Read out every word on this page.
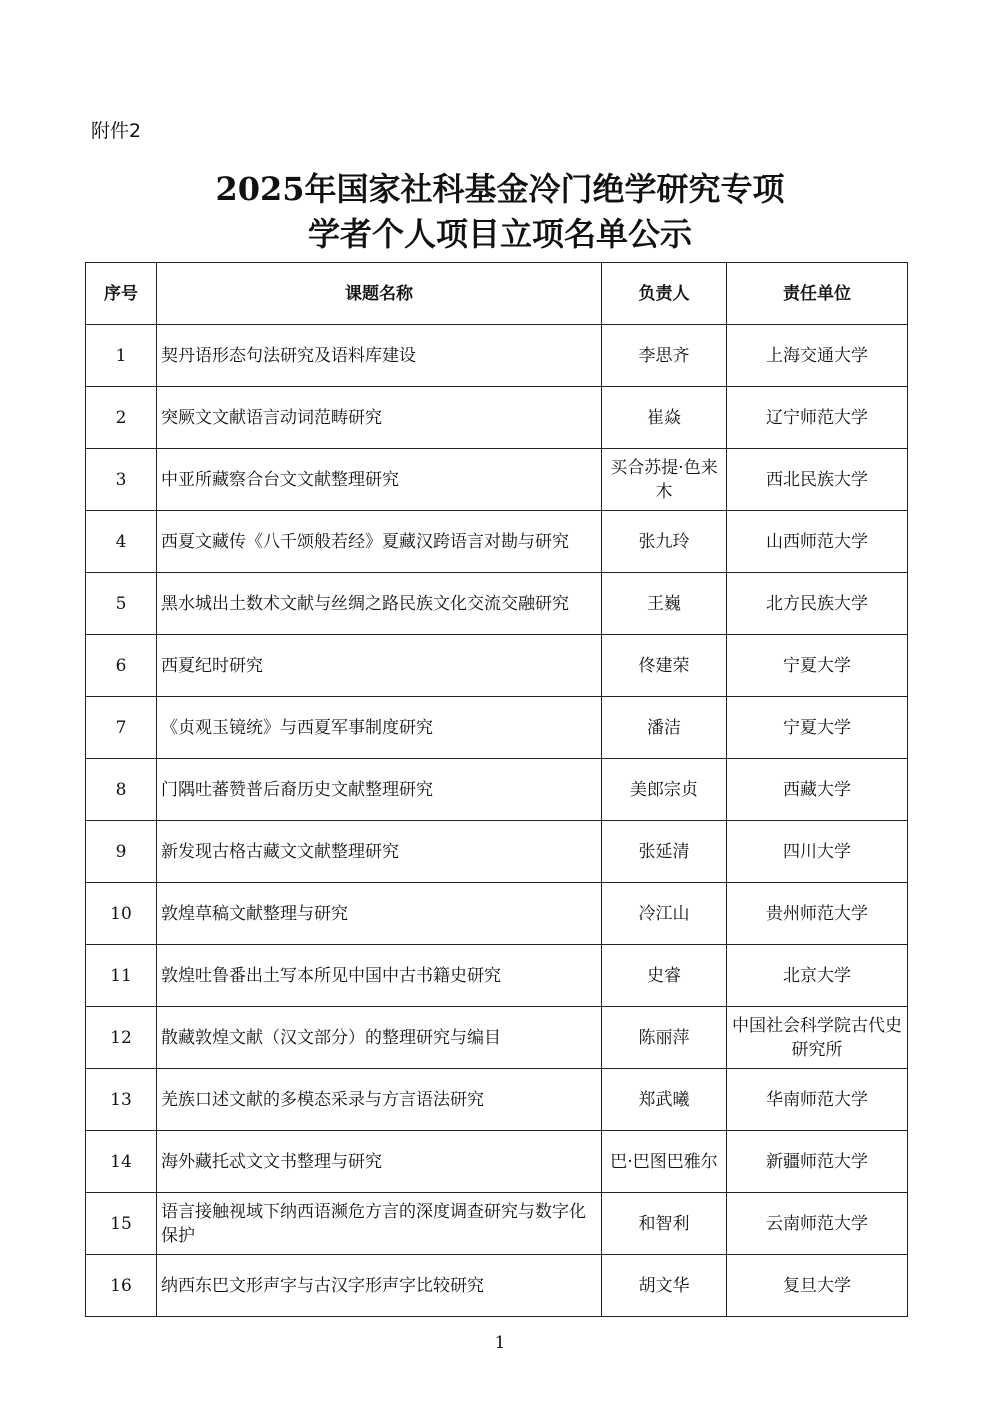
附件2
2025年国家社科基金冷门绝学研究专项
学者个人项目立项名单公示
序号	课题名称	负责人	责任单位
1	契丹语形态句法研究及语料库建设	李思齐	上海交通大学
2	突厥文文献语言动词范畴研究	崔焱	辽宁师范大学
3	中亚所藏察合台文文献整理研究	买合苏提·色来木	西北民族大学
4	西夏文藏传《八千颂般若经》夏藏汉跨语言对勘与研究	张九玲	山西师范大学
5	黑水城出土数术文献与丝绸之路民族文化交流交融研究	王巍	北方民族大学
6	西夏纪时研究	佟建荣	宁夏大学
7	《贞观玉镜统》与西夏军事制度研究	潘洁	宁夏大学
8	门隅吐蕃赞普后裔历史文献整理研究	美郎宗贞	西藏大学
9	新发现古格古藏文文献整理研究	张延清	四川大学
10	敦煌草稿文献整理与研究	冷江山	贵州师范大学
11	敦煌吐鲁番出土写本所见中国中古书籍史研究	史睿	北京大学
12	散藏敦煌文献（汉文部分）的整理研究与编目	陈丽萍	中国社会科学院古代史研究所
13	羌族口述文献的多模态采录与方言语法研究	郑武曦	华南师范大学
14	海外藏托忒文文书整理与研究	巴·巴图巴雅尔	新疆师范大学
15	语言接触视域下纳西语濒危方言的深度调查研究与数字化保护	和智利	云南师范大学
16	纳西东巴文形声字与古汉字形声字比较研究	胡文华	复旦大学
1
